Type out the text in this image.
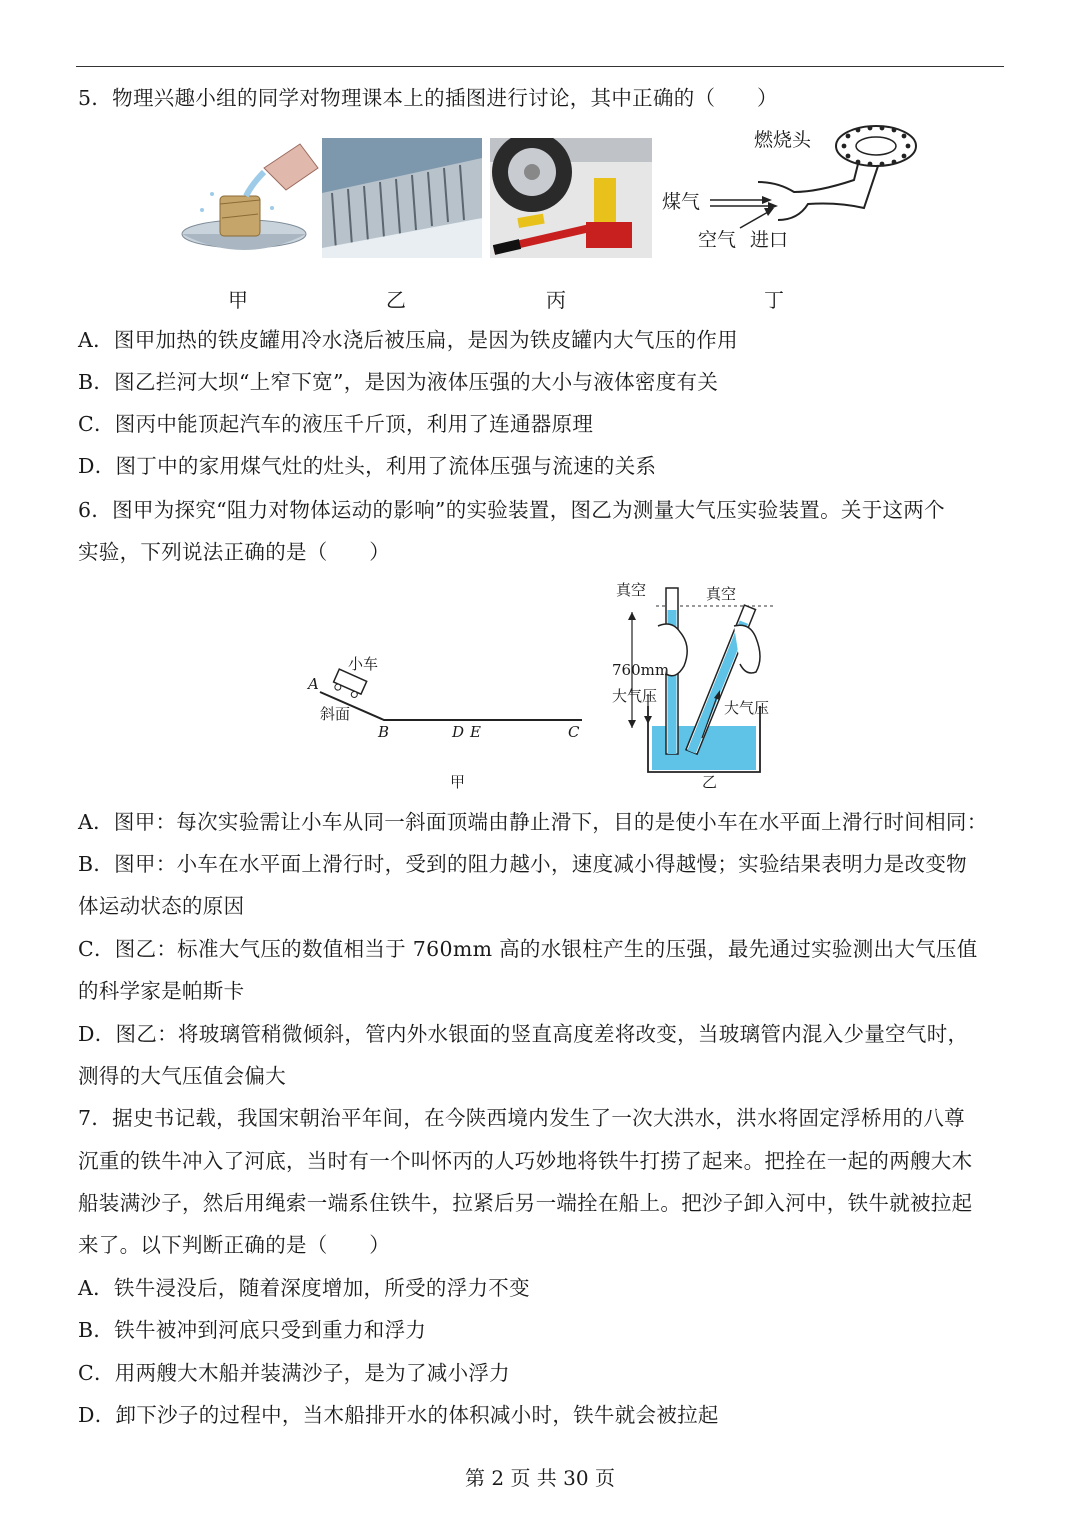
5．物理兴趣小组的同学对物理课本上的插图进行讨论，其中正确的（　　）
燃烧头
煤气
空气 进口
甲	乙	丙	丁
A．图甲加热的铁皮罐用冷水浇后被压扁，是因为铁皮罐内大气压的作用
B．图乙拦河大坝“上窄下宽”，是因为液体压强的大小与液体密度有关
C．图丙中能顶起汽车的液压千斤顶，利用了连通器原理
D．图丁中的家用煤气灶的灶头，利用了流体压强与流速的关系
6．图甲为探究“阻力对物体运动的影响”的实验装置，图乙为测量大气压实验装置。关于这两个
实验，下列说法正确的是（　　）
小车
A
斜面
B	D E	C
甲
真空	真空
760mm
大气压
大气压
乙
A．图甲：每次实验需让小车从同一斜面顶端由静止滑下，目的是使小车在水平面上滑行时间相同：
B．图甲：小车在水平面上滑行时，受到的阻力越小，速度减小得越慢；实验结果表明力是改变物
体运动状态的原因
C．图乙：标准大气压的数值相当于 760mm 高的水银柱产生的压强，最先通过实验测出大气压值
的科学家是帕斯卡
D．图乙：将玻璃管稍微倾斜，管内外水银面的竖直高度差将改变，当玻璃管内混入少量空气时，
测得的大气压值会偏大
7．据史书记载，我国宋朝治平年间，在今陕西境内发生了一次大洪水，洪水将固定浮桥用的八尊
沉重的铁牛冲入了河底，当时有一个叫怀丙的人巧妙地将铁牛打捞了起来。把拴在一起的两艘大木
船装满沙子，然后用绳索一端系住铁牛，拉紧后另一端拴在船上。把沙子卸入河中，铁牛就被拉起
来了。以下判断正确的是（　　）
A．铁牛浸没后，随着深度增加，所受的浮力不变
B．铁牛被冲到河底只受到重力和浮力
C．用两艘大木船并装满沙子，是为了减小浮力
D．卸下沙子的过程中，当木船排开水的体积减小时，铁牛就会被拉起
第 2 页 共 30 页
